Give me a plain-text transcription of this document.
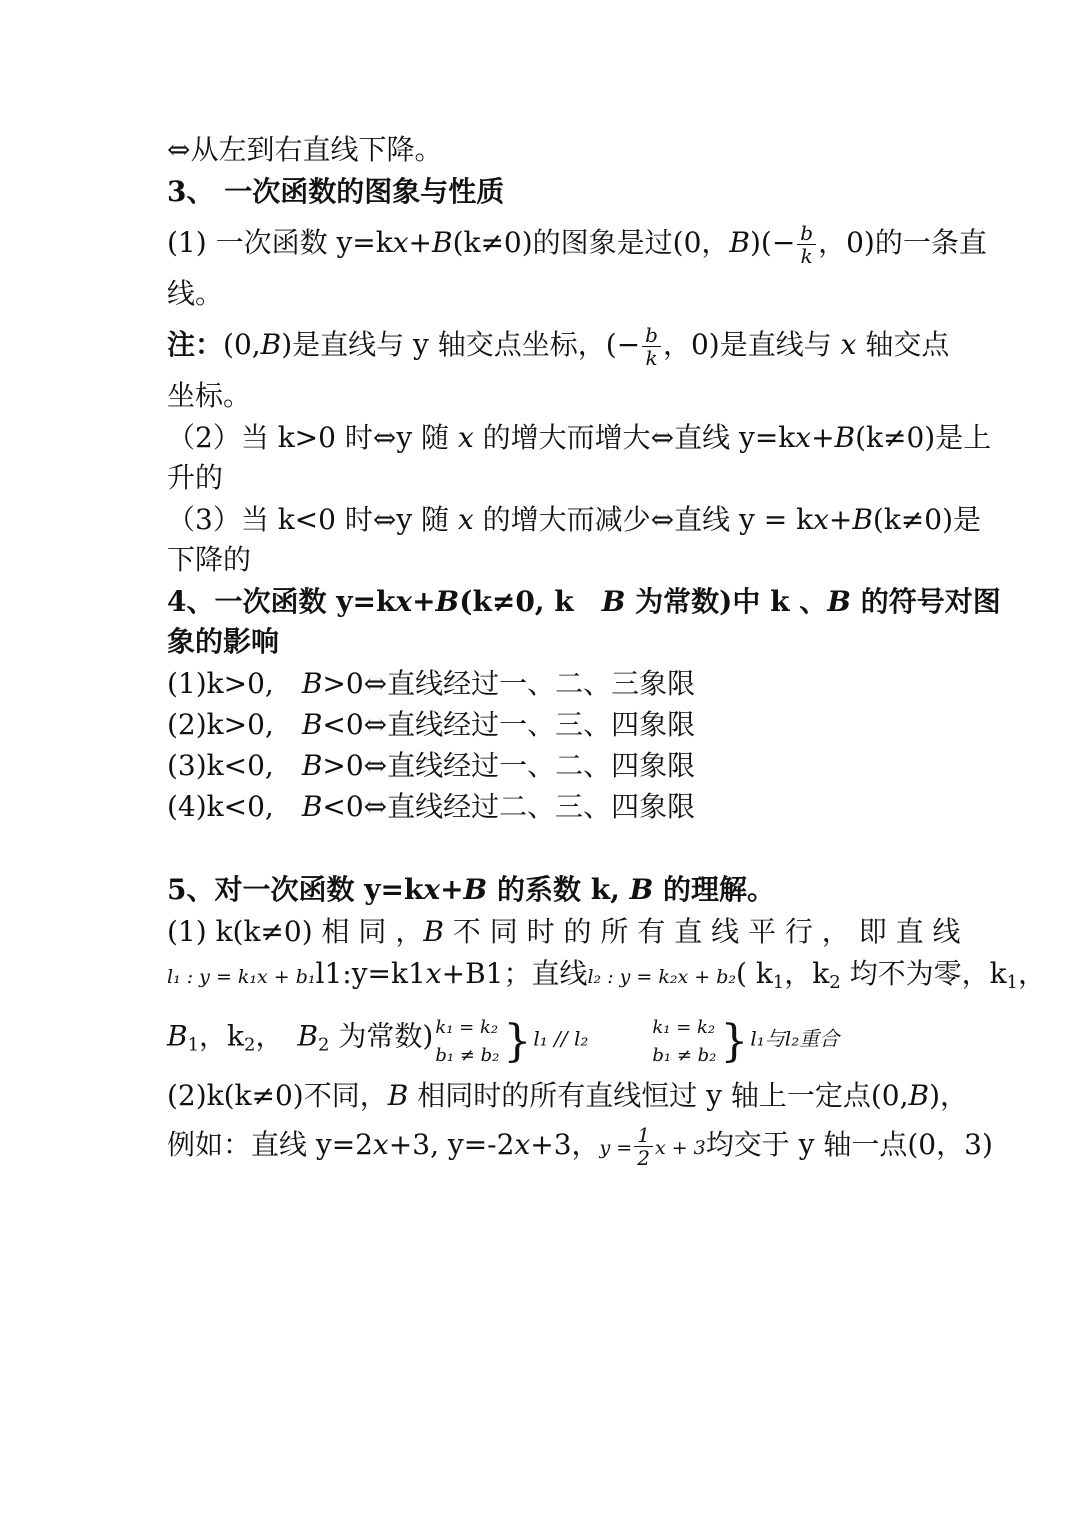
⇔从左到右直线下降。
3、 一次函数的图象与性质
(1) 一次函数 y=kx+B(k≠0)的图象是过(0，$B)(- \frac{b}{k}$ ，0)的一条直
线。
注：(0,B)是直线与 y 轴交点坐标，(− $\frac{b}{k}$ ，0)是直线与 x 轴交点
坐标。
（2）当 k>0 时⇔y 随 x 的增大而增大⇔直线 y=kx+B(k≠0)是上
升的
（3）当 k<0 时⇔y 随 x 的增大而减少⇔直线 y = kx+B(k≠0)是
下降的
4、一次函数 y=kx+B(k≠0, k　B 为常数)中 k 、B 的符号对图
象的影响
(1)k>0,　B>0⇔直线经过一、二、三象限
(2)k>0,　B<0⇔直线经过一、三、四象限
(3)k<0,　B>0⇔直线经过一、二、四象限
(4)k<0,　B<0⇔直线经过二、三、四象限
5、对一次函数 y=kx+B 的系数 k, B 的理解。
(1) k(k≠0) 相 同 ，B 不 同 时 的 所 有 直 线 平 行 ， 即 直 线
l₁ : y = k₁x + b₁l1:y=k1x+B1；直线l₂ : y = k₂x + b₂( $k_1$，$k_2$ 均不为零，$k_1$，
$B_1$，$k_2$，　$B_2$ 为常数) k₁ = k₂
b₁ ≠ b₂ } l₁ // l₂	k₁ = k₂
b₁ ≠ b₂ } l₁与l₂重合
(2)k(k≠0)不同，B 相同时的所有直线恒过 y 轴上一定点(0,B)，
例如：直线 y=2x+3, y=-2x+3，$y = \frac{1}{2}$ x + 3均交于 y 轴一点(0，3)
